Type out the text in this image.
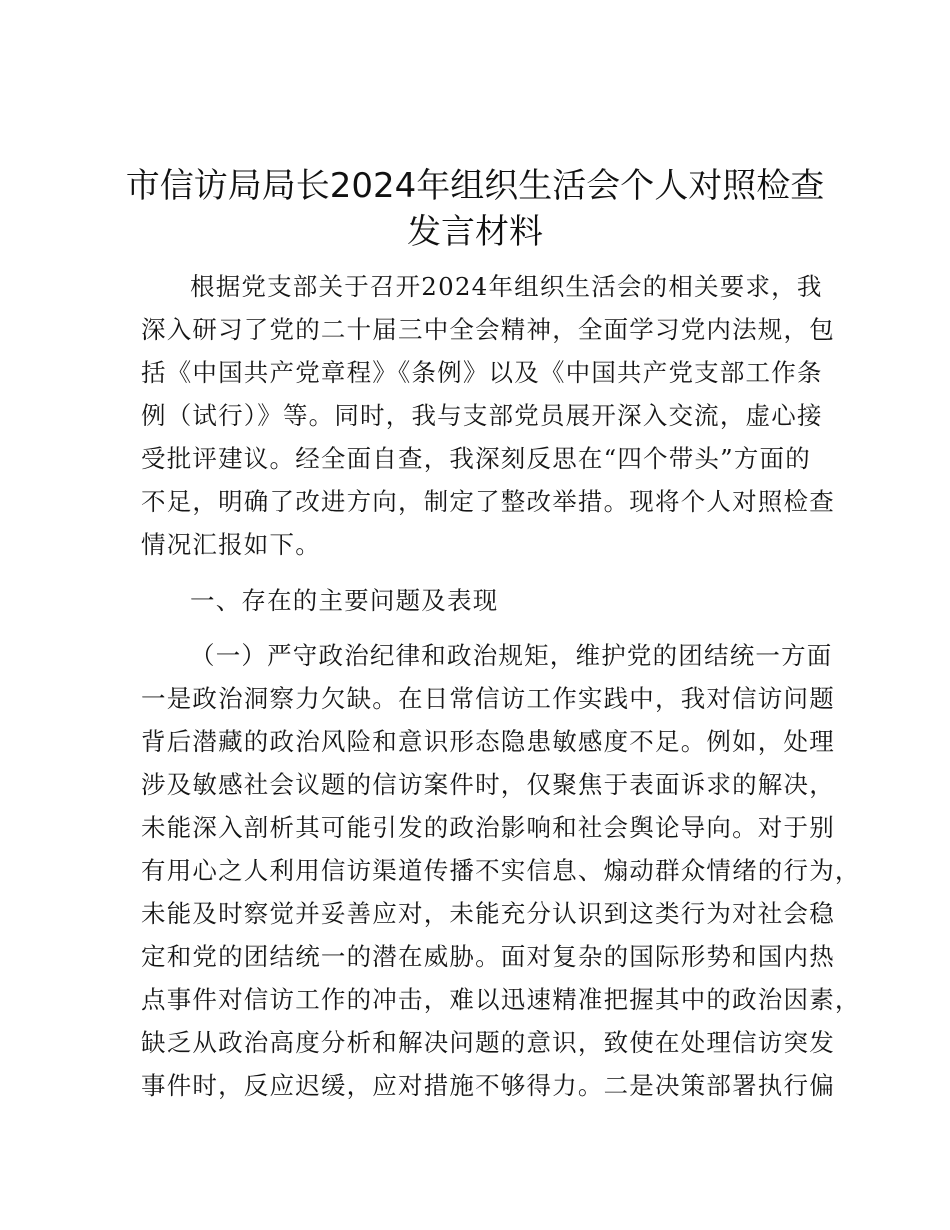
市信访局局长2024年组织生活会个人对照检查
发言材料
根据党支部关于召开2024年组织生活会的相关要求，我
深入研习了党的二十届三中全会精神，全面学习党内法规，包
括《中国共产党章程》《条例》以及《中国共产党支部工作条
例（试行）》等。同时，我与支部党员展开深入交流，虚心接
受批评建议。经全面自查，我深刻反思在“四个带头”方面的
不足，明确了改进方向，制定了整改举措。现将个人对照检查
情况汇报如下。
一、存在的主要问题及表现
（一）严守政治纪律和政治规矩，维护党的团结统一方面
一是政治洞察力欠缺。在日常信访工作实践中，我对信访问题
背后潜藏的政治风险和意识形态隐患敏感度不足。例如，处理
涉及敏感社会议题的信访案件时，仅聚焦于表面诉求的解决，
未能深入剖析其可能引发的政治影响和社会舆论导向。对于别
有用心之人利用信访渠道传播不实信息、煽动群众情绪的行为，
未能及时察觉并妥善应对，未能充分认识到这类行为对社会稳
定和党的团结统一的潜在威胁。面对复杂的国际形势和国内热
点事件对信访工作的冲击，难以迅速精准把握其中的政治因素，
缺乏从政治高度分析和解决问题的意识，致使在处理信访突发
事件时，反应迟缓，应对措施不够得力。二是决策部署执行偏
